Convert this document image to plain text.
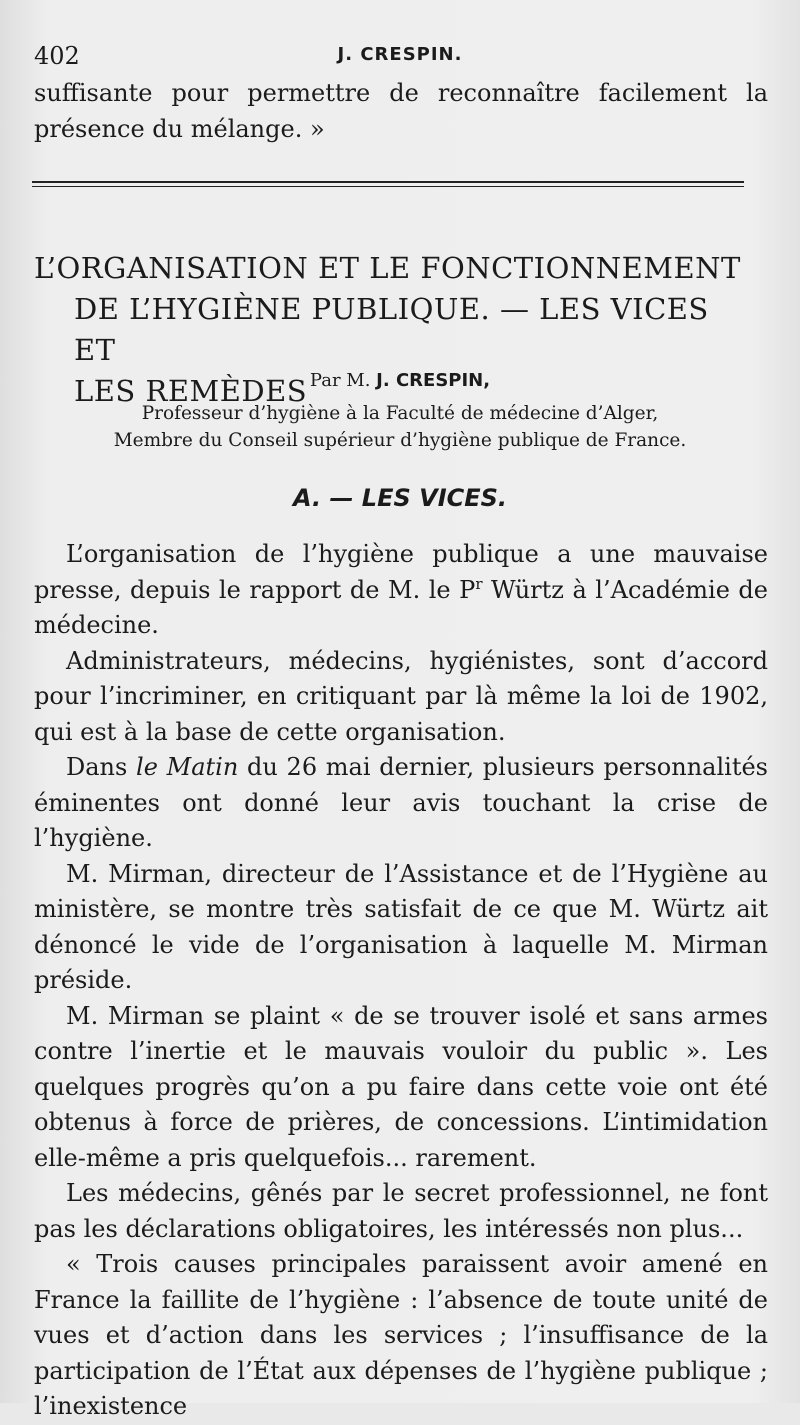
402	J. CRESPIN.

suffisante pour permettre de reconnaître facilement la présence du mélange. »

L’ORGANISATION ET LE FONCTIONNEMENT
DE L’HYGIÈNE PUBLIQUE. — LES VICES ET
LES REMÈDES Par M. J. CRESPIN,
Professeur d’hygiène à la Faculté de médecine d’Alger,
Membre du Conseil supérieur d’hygiène publique de France.
A. — LES VICES.

L’organisation de l’hygiène publique a une mauvaise presse, depuis le rapport de M. le $P^r$ Würtz à l’Académie de médecine.

Administrateurs, médecins, hygiénistes, sont d’accord pour l’incriminer, en critiquant par là même la loi de 1902, qui est à la base de cette organisation.

Dans le Matin du 26 mai dernier, plusieurs personnalités éminentes ont donné leur avis touchant la crise de l’hygiène.

M. Mirman, directeur de l’Assistance et de l’Hygiène au ministère, se montre très satisfait de ce que M. Würtz ait dénoncé le vide de l’organisation à laquelle M. Mirman préside.

M. Mirman se plaint « de se trouver isolé et sans armes contre l’inertie et le mauvais vouloir du public ». Les quelques progrès qu’on a pu faire dans cette voie ont été obtenus à force de prières, de concessions. L’intimidation elle-même a pris quelquefois... rarement.

Les médecins, gênés par le secret professionnel, ne font pas les déclarations obligatoires, les intéressés non plus...

« Trois causes principales paraissent avoir amené en France la faillite de l’hygiène : l’absence de toute unité de vues et d’action dans les services ; l’insuffisance de la participation de l’État aux dépenses de l’hygiène publique ; l’inexistence
